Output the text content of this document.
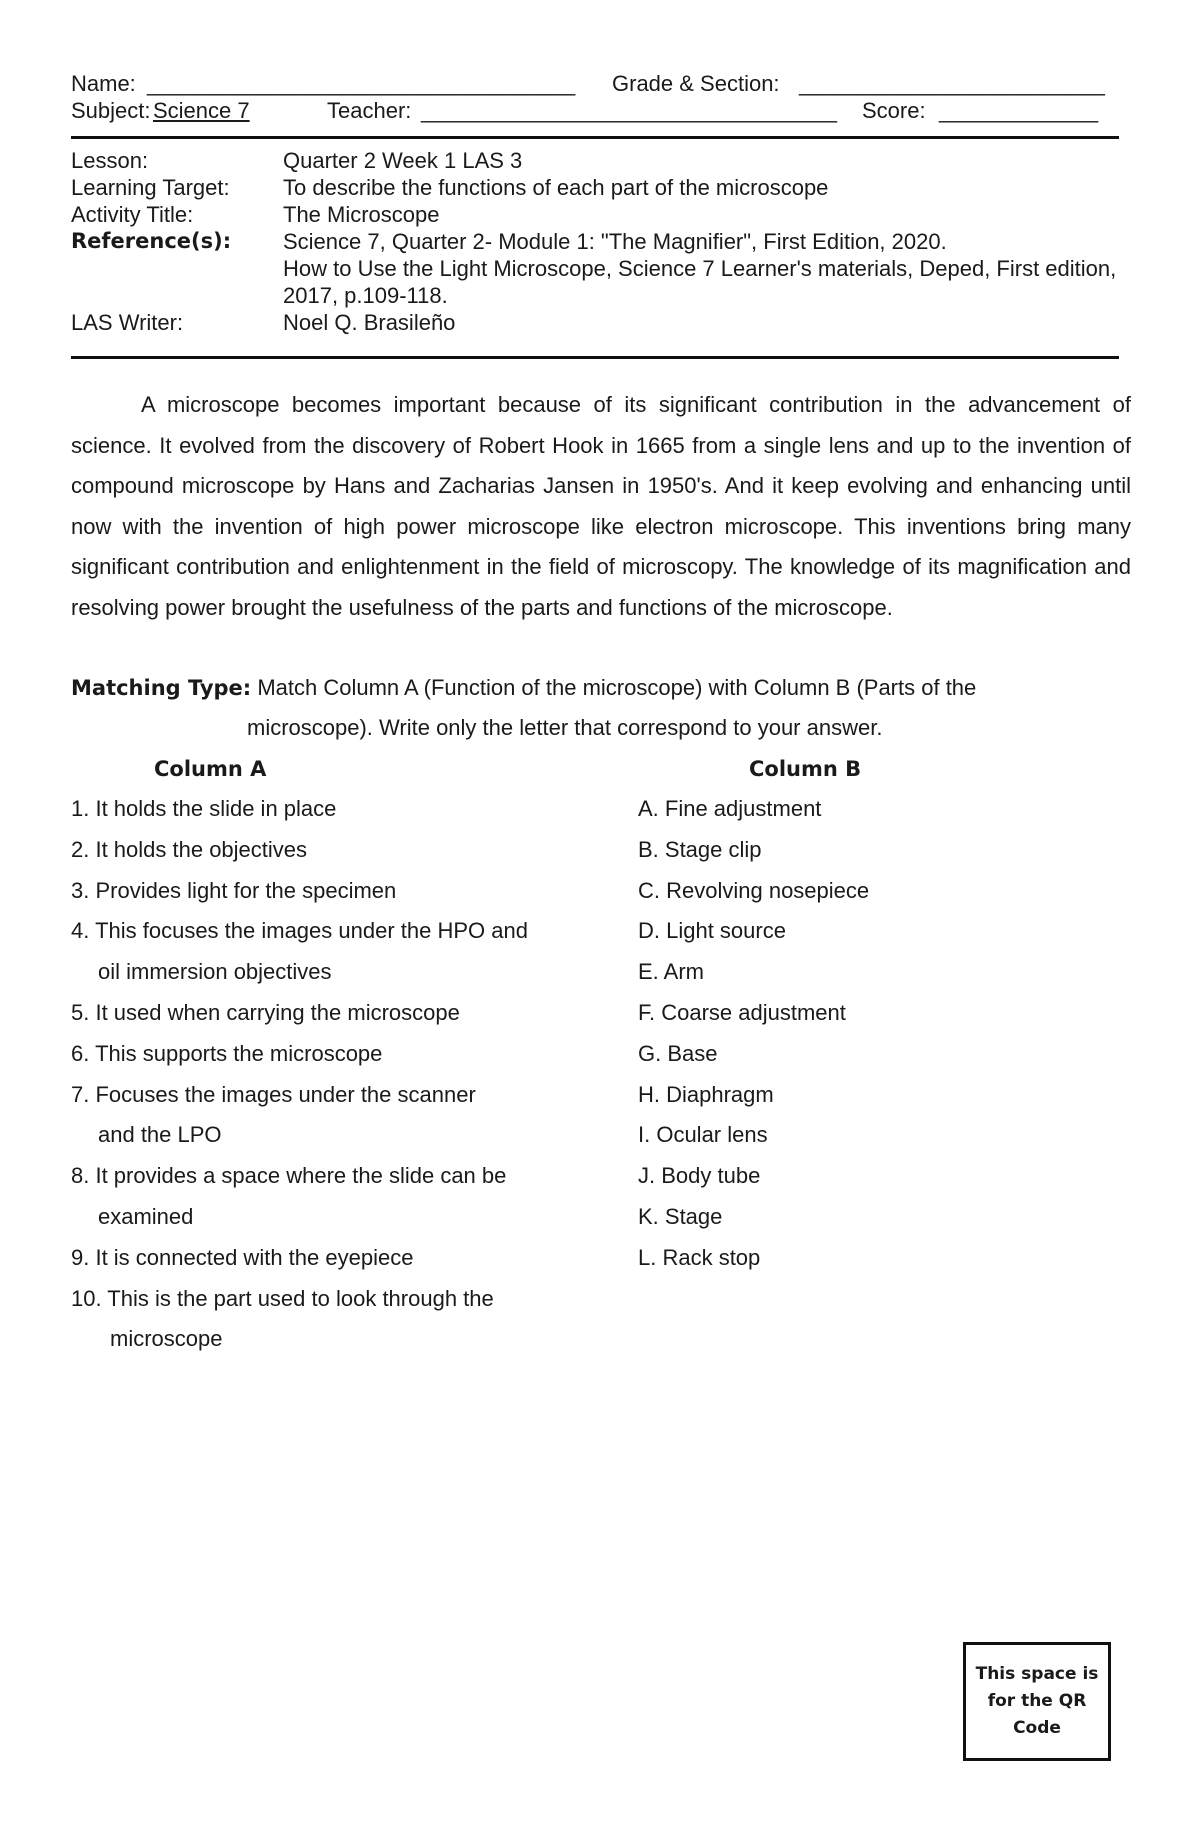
Name: ___________________________________ Grade & Section: _________________________
Subject: Science 7	Teacher: __________________________________ Score: _____________
Lesson:	Quarter 2 Week 1 LAS 3
Learning Target:	To describe the functions of each part of the microscope
Activity Title:	The Microscope
Reference(s):	Science 7, Quarter 2- Module 1: "The Magnifier", First Edition, 2020.
How to Use the Light Microscope, Science 7 Learner's materials, Deped, First edition, 2017, p.109-118.
LAS Writer:	Noel Q. Brasileño
A microscope becomes important because of its significant contribution in the advancement of science. It evolved from the discovery of Robert Hook in 1665 from a single lens and up to the invention of compound microscope by Hans and Zacharias Jansen in 1950's. And it keep evolving and enhancing until now with the invention of high power microscope like electron microscope. This inventions bring many significant contribution and enlightenment in the field of microscopy. The knowledge of its magnification and resolving power brought the usefulness of the parts and functions of the microscope.
Matching Type: Match Column A (Function of the microscope) with Column B (Parts of the
microscope). Write only the letter that correspond to your answer.
Column A
1. It holds the slide in place
2. It holds the objectives
3. Provides light for the specimen
4. This focuses the images under the HPO and
oil immersion objectives
5. It used when carrying the microscope
6. This supports the microscope
7. Focuses the images under the scanner
and the LPO
8. It provides a space where the slide can be
examined
9. It is connected with the eyepiece
10. This is the part used to look through the
microscope
Column B
A. Fine adjustment
B. Stage clip
C. Revolving nosepiece
D. Light source
E. Arm
F. Coarse adjustment
G. Base
H. Diaphragm
I. Ocular lens
J. Body tube
K. Stage
L. Rack stop
This space is
for the QR
Code
